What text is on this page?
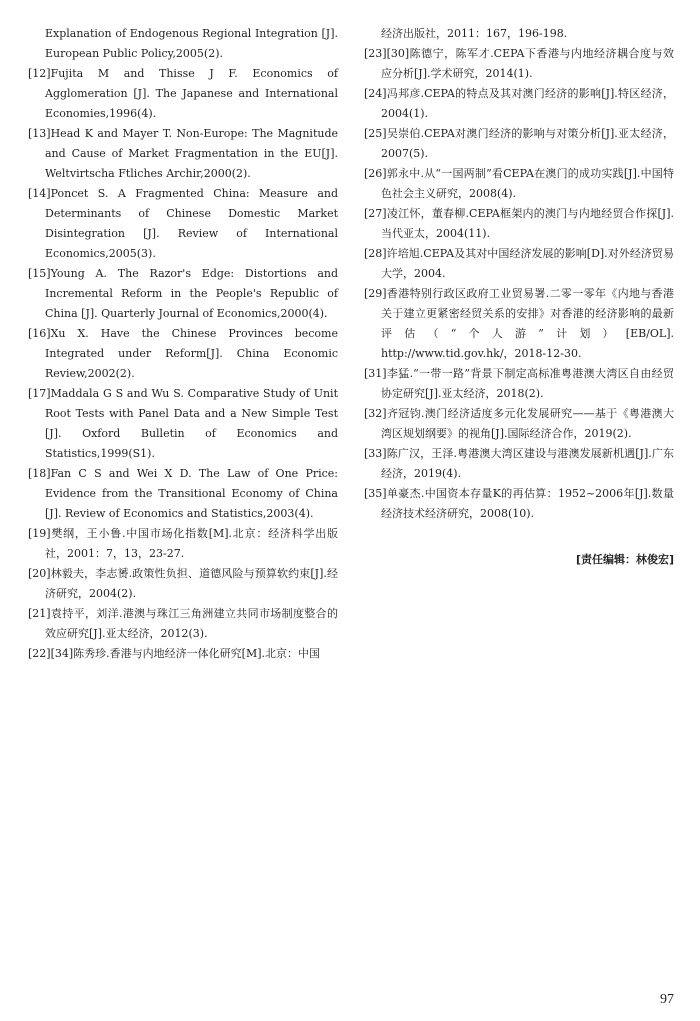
Explanation of Endogenous Regional Integration [J]. European Public Policy,2005(2).

[12]Fujita M and Thisse J F. Economics of Agglomeration [J]. The Japanese and International Economies,1996(4).

[13]Head K and Mayer T. Non-Europe: The Magnitude and Cause of Market Fragmentation in the EU[J]. Weltvirtscha Ftliches Archir,2000(2).

[14]Poncet S. A Fragmented China: Measure and Determinants of Chinese Domestic Market Disintegration [J]. Review of International Economics,2005(3).

[15]Young A. The Razor's Edge: Distortions and Incremental Reform in the People's Republic of China [J]. Quarterly Journal of Economics,2000(4).

[16]Xu X. Have the Chinese Provinces become Integrated under Reform[J]. China Economic Review,2002(2).

[17]Maddala G S and Wu S. Comparative Study of Unit Root Tests with Panel Data and a New Simple Test [J]. Oxford Bulletin of Economics and Statistics,1999(S1).

[18]Fan C S and Wei X D. The Law of One Price: Evidence from the Transitional Economy of China [J]. Review of Economics and Statistics,2003(4).

[19]樊纲，王小鲁.中国市场化指数[M].北京：经济科学出版社，2001：7，13，23-27.

[20]林毅夫，李志赟.政策性负担、道德风险与预算软约束[J].经济研究，2004(2).

[21]袁持平，刘洋.港澳与珠江三角洲建立共同市场制度整合的效应研究[J].亚太经济，2012(3).

[22][34]陈秀珍.香港与内地经济一体化研究[M].北京：中国

经济出版社，2011：167，196-198.

[23][30]陈德宁，陈军才.CEPA下香港与内地经济耦合度与效应分析[J].学术研究，2014(1).

[24]冯邦彦.CEPA的特点及其对澳门经济的影响[J].特区经济，2004(1).

[25]吴崇伯.CEPA对澳门经济的影响与对策分析[J].亚太经济，2007(5).

[26]郭永中.从“一国两制”看CEPA在澳门的成功实践[J].中国特色社会主义研究，2008(4).

[27]凌江怀，董春柳.CEPA框架内的澳门与内地经贸合作探[J].当代亚太，2004(11).

[28]许培旭.CEPA及其对中国经济发展的影响[D].对外经济贸易大学，2004.

[29]香港特别行政区政府工业贸易署.二零一零年《内地与香港关于建立更紧密经贸关系的安排》对香港的经济影响的最新评估（“个人游”计划）[EB/OL]. http://www.tid.gov.hk/，2018-12-30.

[31]李猛.“一带一路”背景下制定高标准粤港澳大湾区自由经贸协定研究[J].亚太经济，2018(2).

[32]齐冠钧.澳门经济适度多元化发展研究——基于《粤港澳大湾区规划纲要》的视角[J].国际经济合作，2019(2).

[33]陈广汉，王泽.粤港澳大湾区建设与港澳发展新机遇[J].广东经济，2019(4).

[35]单豪杰.中国资本存量K的再估算：1952~2006年[J].数量经济技术经济研究，2008(10).

[责任编辑：林俊宏]
97
